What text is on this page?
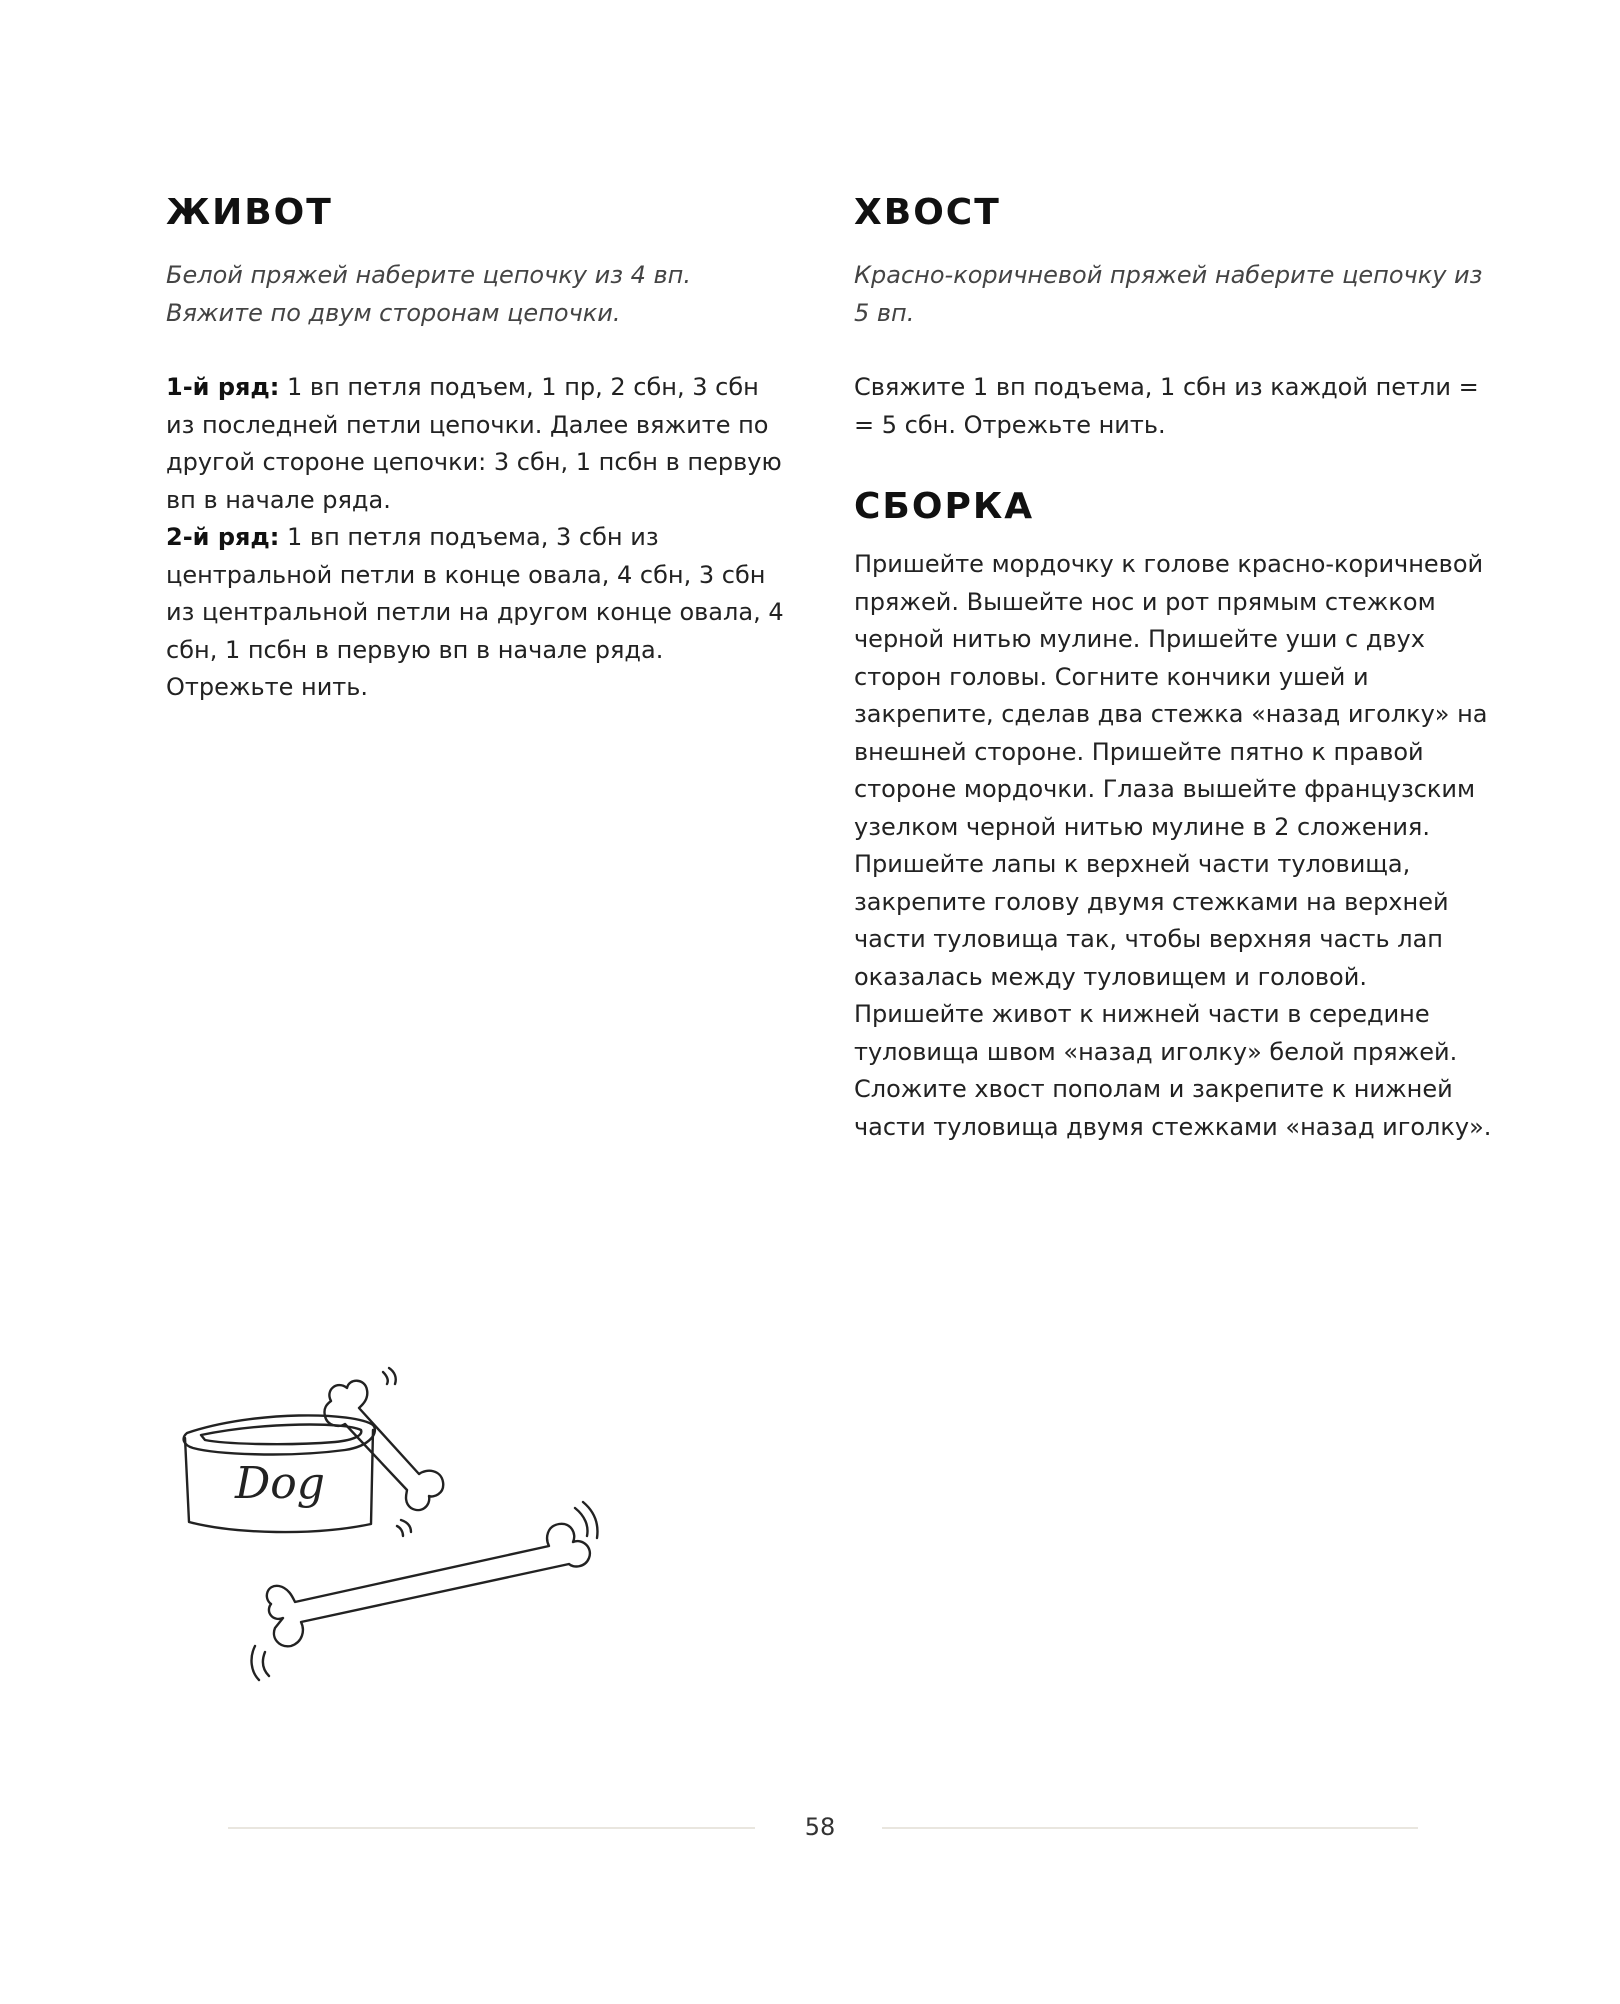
ЖИВОТ

Белой пряжей наберите цепочку из 4 вп. Вяжите по двум сторонам цепочки.

1-й ряд: 1 вп петля подъем, 1 пр, 2 сбн, 3 сбн из последней петли цепочки. Далее вяжите по другой стороне цепочки: 3 сбн, 1 псбн в первую вп в начале ряда.

2-й ряд: 1 вп петля подъема, 3 сбн из центральной петли в конце овала, 4 сбн, 3 сбн из центральной петли на другом конце овала, 4 сбн, 1 псбн в первую вп в начале ряда. Отрежьте нить.

ХВОСТ

Красно-коричневой пряжей наберите цепочку из 5 вп.

Свяжите 1 вп подъема, 1 сбн из каждой петли = = 5 сбн. Отрежьте нить.

СБОРКА

Пришейте мордочку к голове красно-коричневой пряжей. Вышейте нос и рот прямым стежком черной нитью мулине. Пришейте уши с двух сторон головы. Согните кончики ушей и закрепите, сделав два стежка «назад иголку» на внешней стороне. Пришейте пятно к правой стороне мордочки. Глаза вышейте французским узелком черной нитью мулине в 2 сложения. Пришейте лапы к верхней части туловища, закрепите голову двумя стежками на верхней части туловища так, чтобы верхняя часть лап оказалась между туловищем и головой. Пришейте живот к нижней части в середине туловища швом «назад иголку» белой пряжей. Сложите хвост пополам и закрепите к нижней части туловища двумя стежками «назад иголку».

Dog
58
